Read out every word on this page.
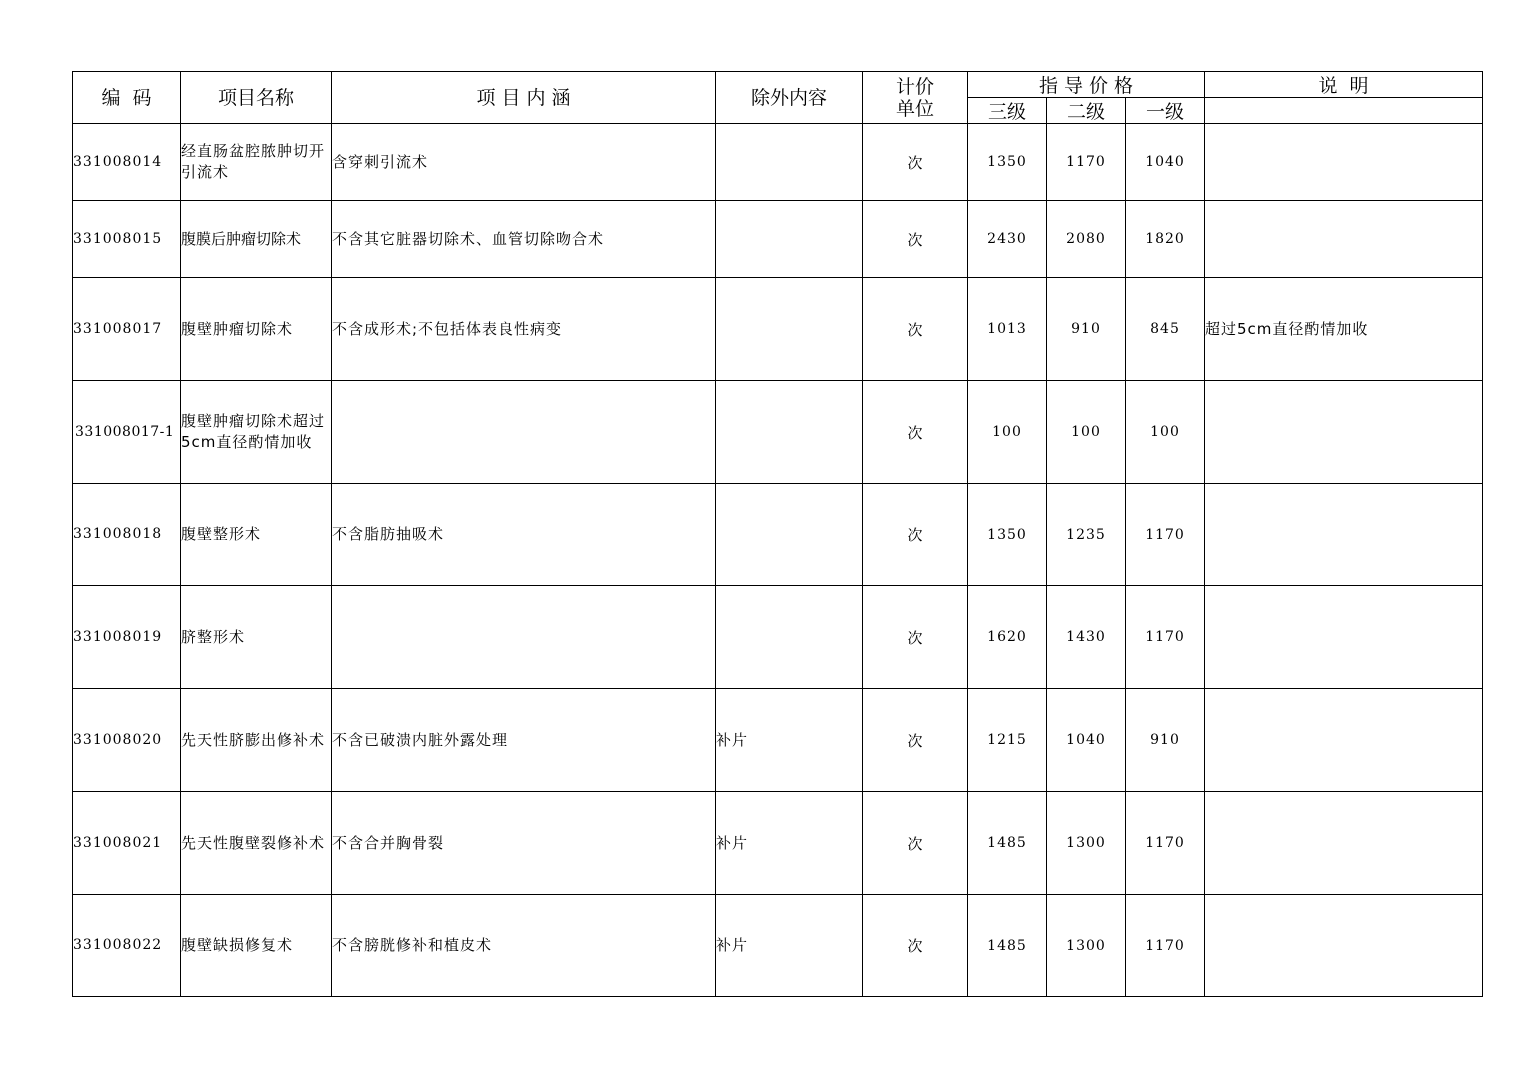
编  码	项目名称	项 目 内 涵	除外内容	计价	指 导 价 格			说  明
				单位	三级	二级	一级	
331008014	经直肠盆腔脓肿切开引流术	含穿刺引流术		次	1350	1170	1040	
331008015	腹膜后肿瘤切除术	不含其它脏器切除术、血管切除吻合术		次	2430	2080	1820	
331008017	腹壁肿瘤切除术	不含成形术;不包括体表良性病变		次	1013	910	845	超过5cm直径酌情加收
331008017-1	腹壁肿瘤切除术超过5cm直径酌情加收			次	100	100	100	
331008018	腹壁整形术	不含脂肪抽吸术		次	1350	1235	1170	
331008019	脐整形术			次	1620	1430	1170	
331008020	先天性脐膨出修补术	不含已破溃内脏外露处理	补片	次	1215	1040	910	
331008021	先天性腹壁裂修补术	不含合并胸骨裂	补片	次	1485	1300	1170	
331008022	腹壁缺损修复术	不含膀胱修补和植皮术	补片	次	1485	1300	1170	
